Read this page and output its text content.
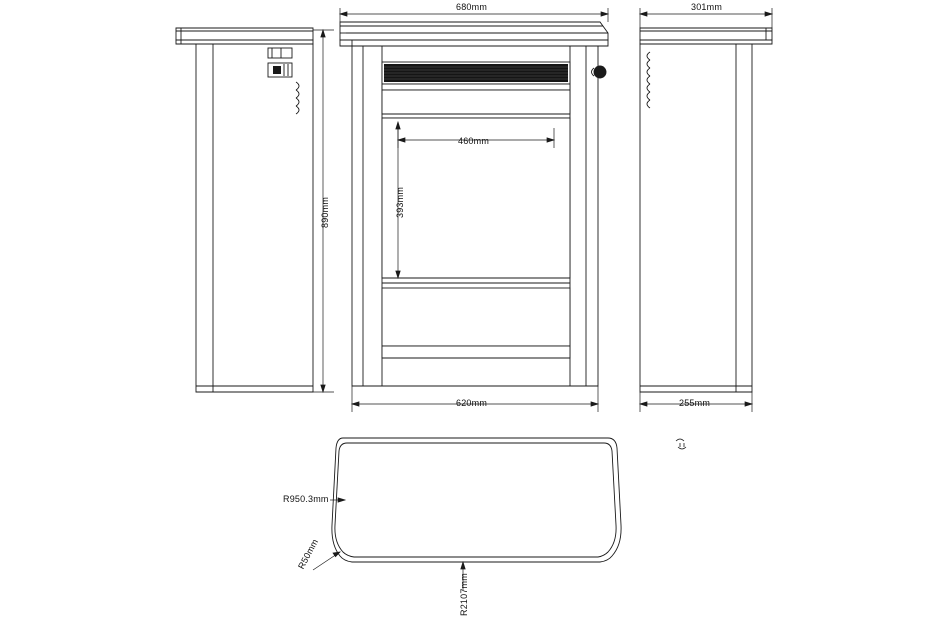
680mm	301mm
890mm
460mm
393mm
620mm	255mm
R950.3mm
R50mm
R2107mm
